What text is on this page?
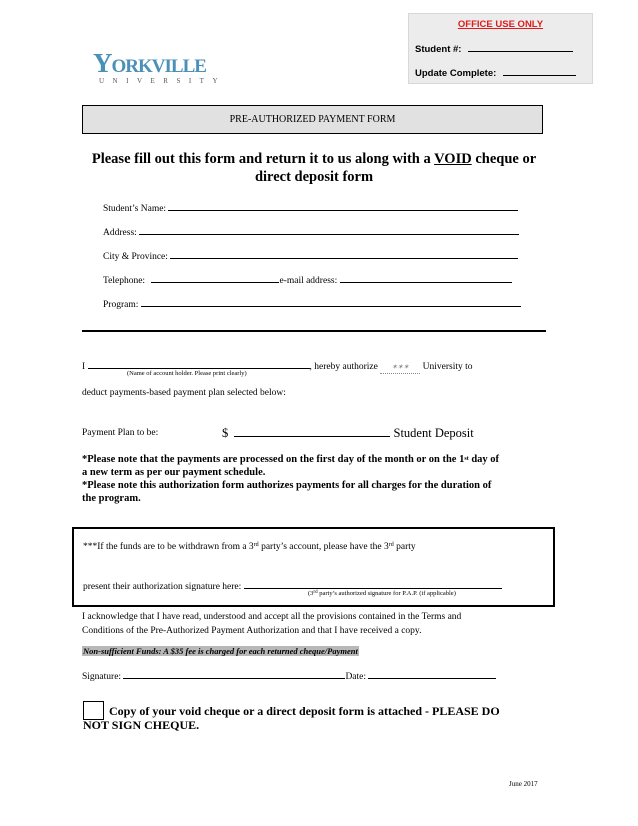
OFFICE USE ONLY
Student #:
Update Complete:
Yorkville
UNIVERSITY
PRE-AUTHORIZED PAYMENT FORM
Please fill out this form and return it to us along with a VOID cheque or
direct deposit form
Student’s Name:
Address:
City & Province:
Telephone:	e-mail address:
Program:
I	, hereby authorize ✶✶✶ University to
(Name of account holder. Please print clearly)
deduct payments-based payment plan selected below:
Payment Plan to be:	$	Student Deposit
*Please note that the payments are processed on the first day of the month or on the 1st day of
a new term as per our payment schedule.
*Please note this authorization form authorizes payments for all charges for the duration of
the program.
***If the funds are to be withdrawn from a 3rd party’s account, please have the 3rd party
present their authorization signature here:
(3rd party’s authorized signature for P.A.P. (if applicable)
I acknowledge that I have read, understood and accept all the provisions contained in the Terms and
Conditions of the Pre-Authorized Payment Authorization and that I have received a copy.
Non-sufficient Funds: A $35 fee is charged for each returned cheque/Payment
Signature:	Date:
Copy of your void cheque or a direct deposit form is attached - PLEASE DO
NOT SIGN CHEQUE.
June 2017
